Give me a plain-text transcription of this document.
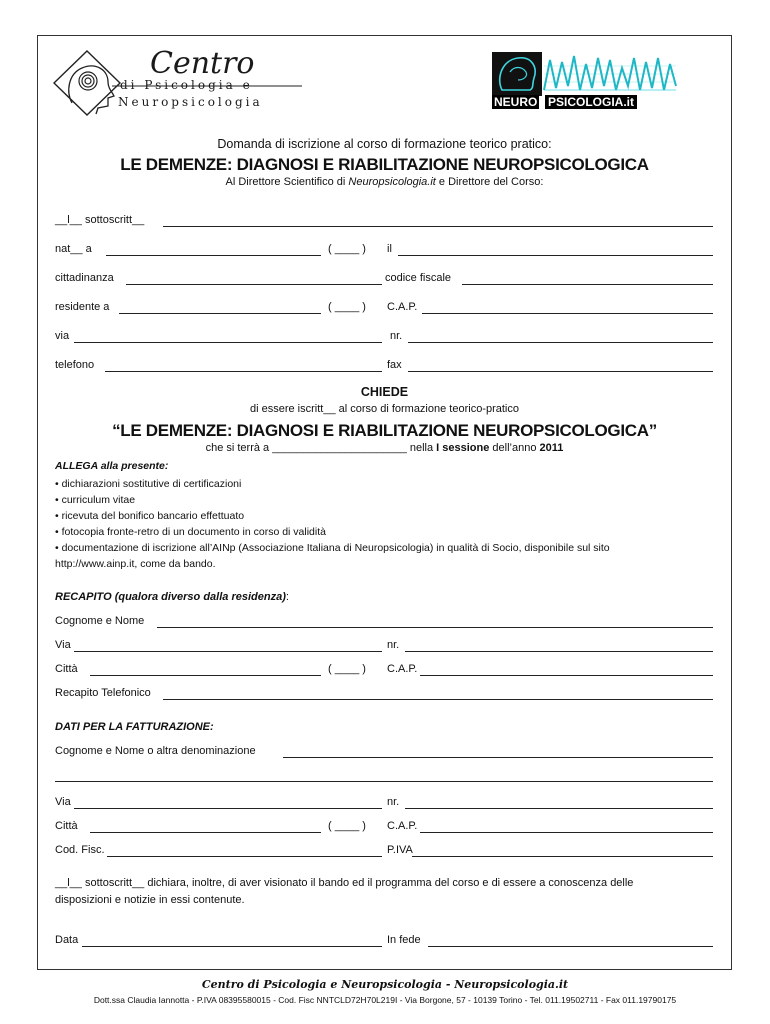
Centro
di Psicologia e
Neuropsicologia	NEURO PSICOLOGIA.it
Domanda di iscrizione al corso di formazione teorico pratico:
LE DEMENZE: DIAGNOSI E RIABILITAZIONE NEUROPSICOLOGICA
Al Direttore Scientifico di Neuropsicologia.it e Direttore del Corso:
__l__ sottoscritt__
nat__ a	( ____ ) il
cittadinanza	codice fiscale
residente a	( ____ ) C.A.P.
via	nr.
telefono	fax
CHIEDE
di essere iscritt__ al corso di formazione teorico-pratico
“LE DEMENZE: DIAGNOSI E RIABILITAZIONE NEUROPSICOLOGICA”
che si terrà a ______________________ nella I sessione dell’anno 2011
ALLEGA alla presente:
• dichiarazioni sostitutive di certificazioni
• curriculum vitae
• ricevuta del bonifico bancario effettuato
• fotocopia fronte-retro di un documento in corso di validità
• documentazione di iscrizione all’AINp (Associazione Italiana di Neuropsicologia) in qualità di Socio, disponibile sul sito
http://www.ainp.it, come da bando.
RECAPITO (qualora diverso dalla residenza):
Cognome e Nome
Via	nr.
Città	( ____ ) C.A.P.
Recapito Telefonico
DATI PER LA FATTURAZIONE:
Cognome e Nome o altra denominazione
Via	nr.
Città	( ____ ) C.A.P.
Cod. Fisc.	P.IVA
__l__ sottoscritt__ dichiara, inoltre, di aver visionato il bando ed il programma del corso e di essere a conoscenza delle
disposizioni e notizie in essi contenute.
Data	In fede
Centro di Psicologia e Neuropsicologia - Neuropsicologia.it
Dott.ssa Claudia Iannotta - P.IVA 08395580015 - Cod. Fisc NNTCLD72H70L219I - Via Borgone, 57 - 10139 Torino - Tel. 011.19502711 - Fax 011.19790175
